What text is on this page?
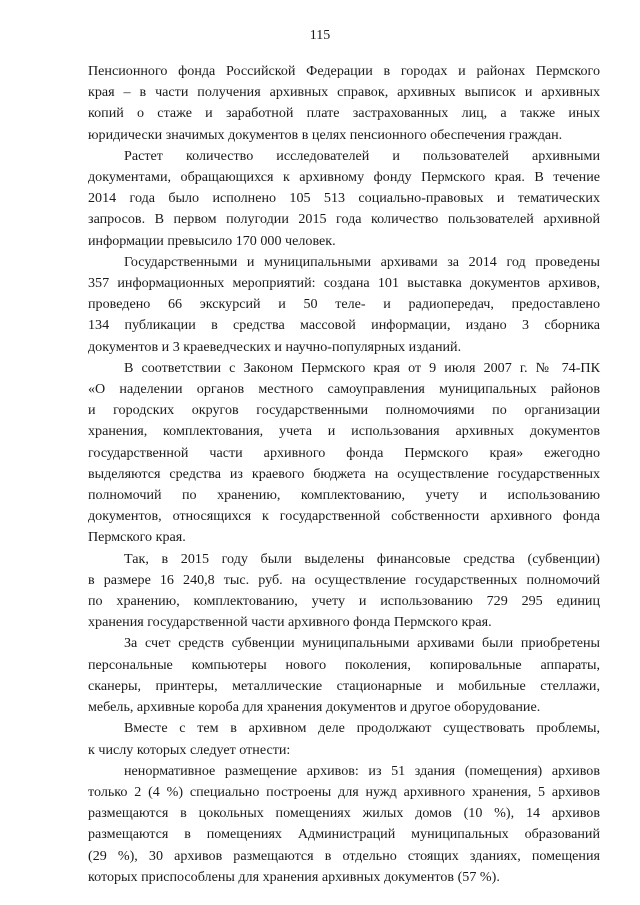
115
Пенсионного фонда Российской Федерации в городах и районах Пермского
края – в части получения архивных справок, архивных выписок и архивных
копий о стаже и заработной плате застрахованных лиц, а также иных
юридически значимых документов в целях пенсионного обеспечения граждан.
Растет количество исследователей и пользователей архивными
документами, обращающихся к архивному фонду Пермского края. В течение
2014 года было исполнено 105 513 социально-правовых и тематических
запросов. В первом полугодии 2015 года количество пользователей архивной
информации превысило 170 000 человек.
Государственными и муниципальными архивами за 2014 год проведены
357 информационных мероприятий: создана 101 выставка документов архивов,
проведено 66 экскурсий и 50 теле- и радиопередач, предоставлено
134 публикации в средства массовой информации, издано 3 сборника
документов и 3 краеведческих и научно-популярных изданий.
В соответствии с Законом Пермского края от 9 июля 2007 г. № 74-ПК
«О наделении органов местного самоуправления муниципальных районов
и городских округов государственными полномочиями по организации
хранения, комплектования, учета и использования архивных документов
государственной части архивного фонда Пермского края» ежегодно
выделяются средства из краевого бюджета на осуществление государственных
полномочий по хранению, комплектованию, учету и использованию
документов, относящихся к государственной собственности архивного фонда
Пермского края.
Так, в 2015 году были выделены финансовые средства (субвенции)
в размере 16 240,8 тыс. руб. на осуществление государственных полномочий
по хранению, комплектованию, учету и использованию 729 295 единиц
хранения государственной части архивного фонда Пермского края.
За счет средств субвенции муниципальными архивами были приобретены
персональные компьютеры нового поколения, копировальные аппараты,
сканеры, принтеры, металлические стационарные и мобильные стеллажи,
мебель, архивные короба для хранения документов и другое оборудование.
Вместе с тем в архивном деле продолжают существовать проблемы,
к числу которых следует отнести:
ненормативное размещение архивов: из 51 здания (помещения) архивов
только 2 (4 %) специально построены для нужд архивного хранения, 5 архивов
размещаются в цокольных помещениях жилых домов (10 %), 14 архивов
размещаются в помещениях Администраций муниципальных образований
(29 %), 30 архивов размещаются в отдельно стоящих зданиях, помещения
которых приспособлены для хранения архивных документов (57 %).
